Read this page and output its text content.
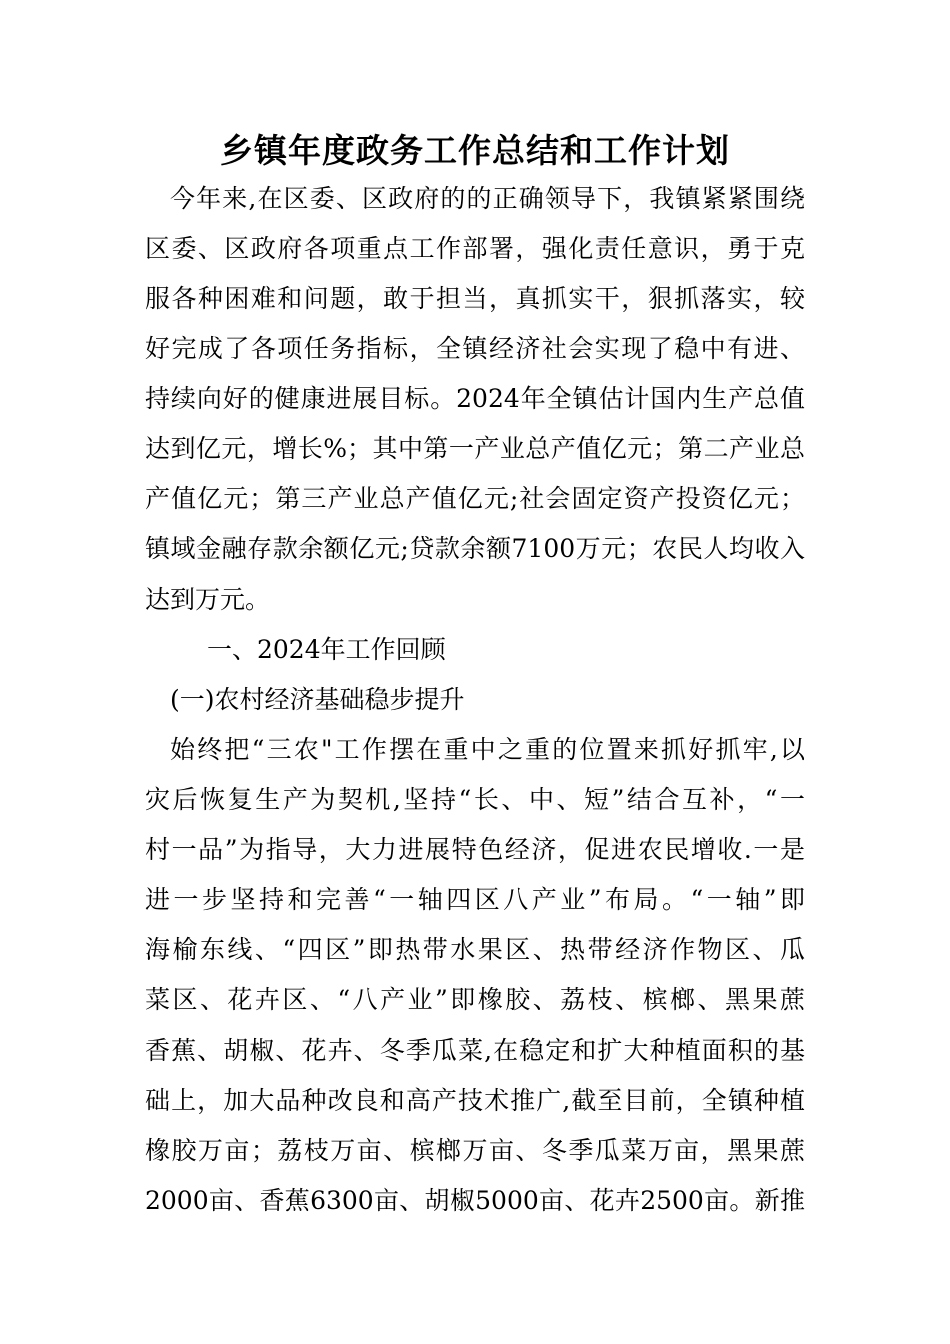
乡镇年度政务工作总结和工作计划
今年来,在区委、区政府的的正确领导下，我镇紧紧围绕
区委、区政府各项重点工作部署，强化责任意识，勇于克
服各种困难和问题，敢于担当，真抓实干，狠抓落实，较
好完成了各项任务指标，全镇经济社会实现了稳中有进、
持续向好的健康进展目标。2024年全镇估计国内生产总值
达到亿元，增长%；其中第一产业总产值亿元；第二产业总
产值亿元；第三产业总产值亿元;社会固定资产投资亿元；
镇域金融存款余额亿元;贷款余额7100万元；农民人均收入
达到万元。
一、2024年工作回顾
(一)农村经济基础稳步提升
始终把“三农"工作摆在重中之重的位置来抓好抓牢,以
灾后恢复生产为契机,坚持“长、中、短”结合互补，“一
村一品”为指导，大力进展特色经济，促进农民增收.一是
进一步坚持和完善“一轴四区八产业”布局。“一轴”即
海榆东线、“四区”即热带水果区、热带经济作物区、瓜
菜区、花卉区、“八产业”即橡胶、荔枝、槟榔、黑果蔗
香蕉、胡椒、花卉、冬季瓜菜,在稳定和扩大种植面积的基
础上，加大品种改良和高产技术推广,截至目前，全镇种植
橡胶万亩；荔枝万亩、槟榔万亩、冬季瓜菜万亩，黑果蔗
2000亩、香蕉6300亩、胡椒5000亩、花卉2500亩。新推
